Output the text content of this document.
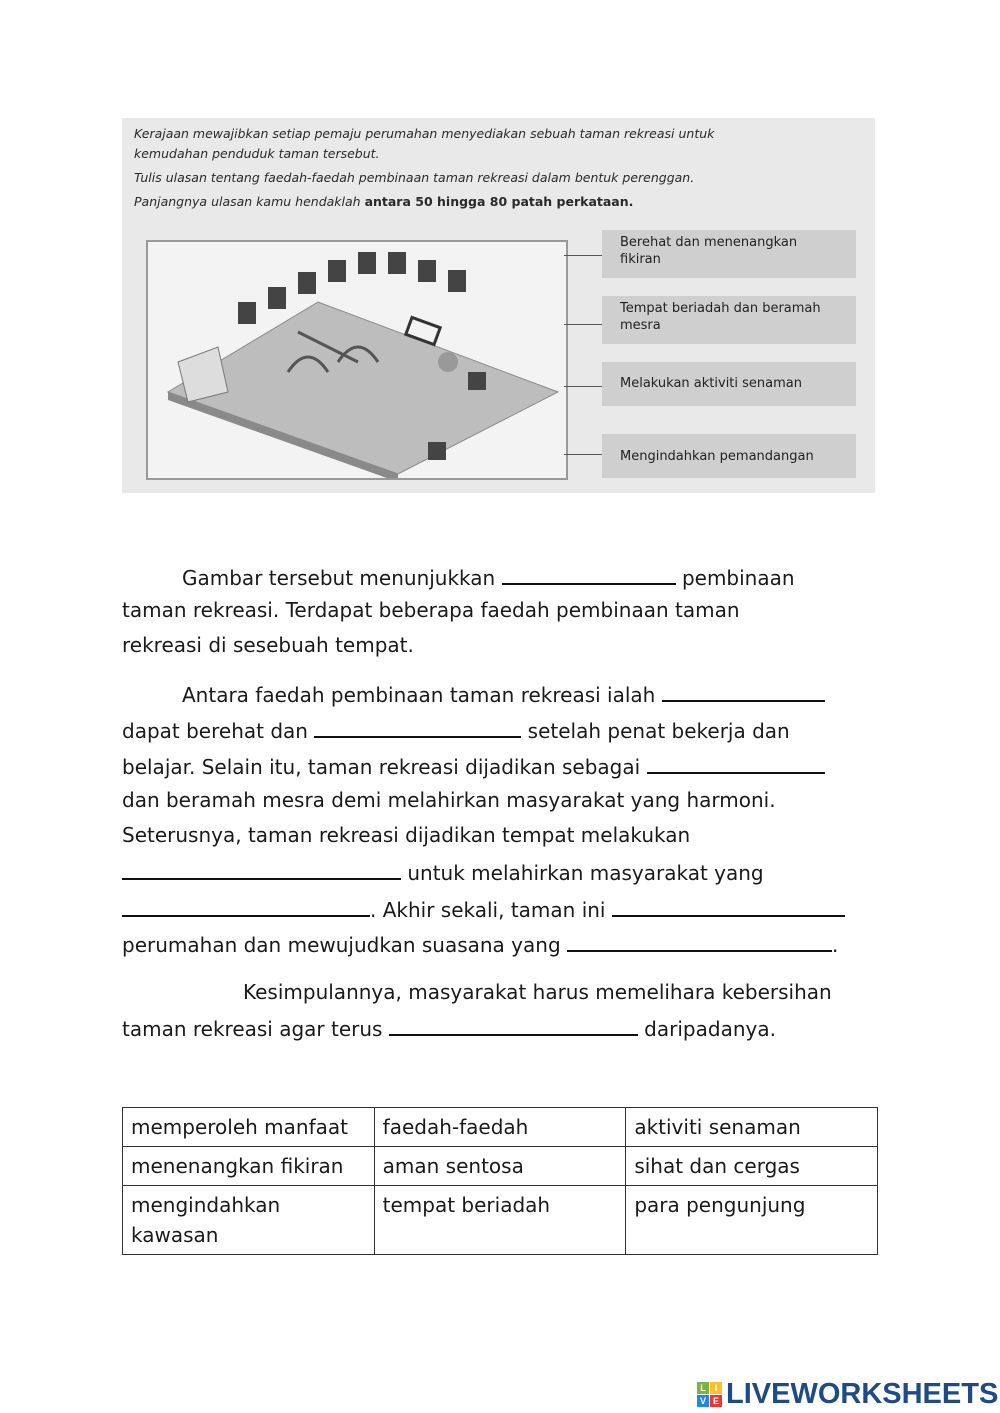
Kerajaan mewajibkan setiap pemaju perumahan menyediakan sebuah taman rekreasi untuk
kemudahan penduduk taman tersebut.
Tulis ulasan tentang faedah-faedah pembinaan taman rekreasi dalam bentuk perenggan.
Panjangnya ulasan kamu hendaklah antara 50 hingga 80 patah perkataan.
Berehat dan menenangkan fikiran
Tempat beriadah dan beramah mesra
Melakukan aktiviti senaman
Mengindahkan pemandangan
Gambar tersebut menunjukkan	pembinaan
taman rekreasi. Terdapat beberapa faedah pembinaan taman
rekreasi di sesebuah tempat.
Antara faedah pembinaan taman rekreasi ialah
dapat berehat dan	setelah penat bekerja dan
belajar. Selain itu, taman rekreasi dijadikan sebagai
dan beramah mesra demi melahirkan masyarakat yang harmoni.
Seterusnya, taman rekreasi dijadikan tempat melakukan
untuk melahirkan masyarakat yang
. Akhir sekali, taman ini
perumahan dan mewujudkan suasana yang	.
Kesimpulannya, masyarakat harus memelihara kebersihan
taman rekreasi agar terus	daripadanya.
memperoleh manfaat	faedah-faedah	aktiviti senaman
menenangkan fikiran	aman sentosa	sihat dan cergas
mengindahkan kawasan	tempat beriadah	para pengunjung
L I
V E LIVEWORKSHEETS
